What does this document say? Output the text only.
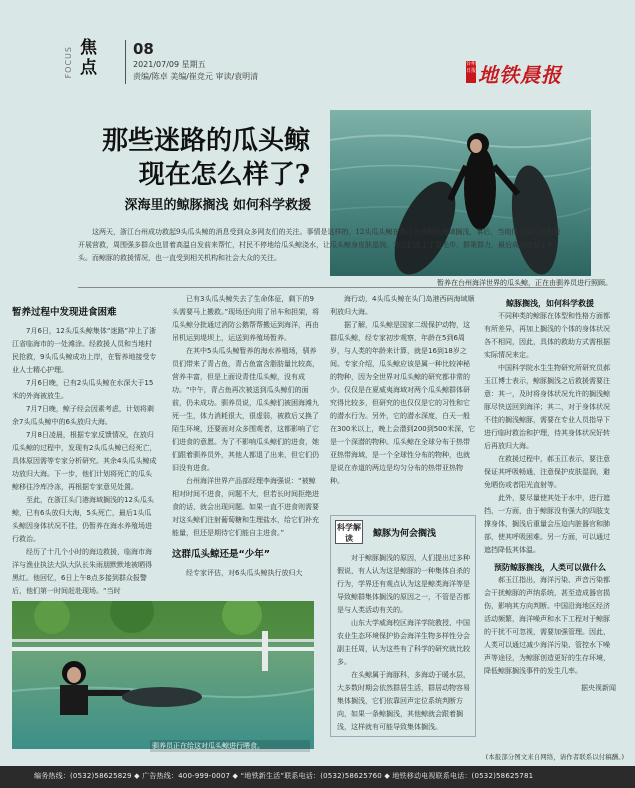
FOCUS 焦点
08
2021/07/09 星期五
责编/陈卓 美编/崔竞元 审读/袁明清
台州日报 地铁晨报
那些迷路的瓜头鲸
现在怎么样了?
深海里的鲸豚搁浅 如何科学救援
暂养在台州海洋世界的瓜头鲸，正在由驯养员进行照顾。

这两天，浙江台州成功救起9头瓜头鲸的消息受到众多网友们的关注。事情是这样的，12头瓜头鲸在浙江台州附近海域搁浅，事后，当地体多部门参积极开展营救，周围强多群众也冒着高温自发前来帮忙，村民不停地给瓜头鲸浇水，让瓜头鲸身皮肤湿润，为它们盖上了湿毛巾，群策群力，最后成功救起了9头。而鲸豚的救援情况，也一直受到相关机构和社会大众的关注。

暂养过程中发现进食困难

7月6日，12头瓜头鲸集体“迷路”冲上了浙江省临海市的一处滩涂。经救援人员和当地村民抢救，9头瓜头鲸成功上岸，在暂养地接受专业人士精心护理。

7月6日晚，已有2头瓜头鲸在水深大于15米的外海被放生。

7月7日晚，鲸子经会因素考虑，计划将剩余7头瓜头鲸中的6头放归大海。

7月8日凌晨，根据专家反馈情况，在放归瓜头鲸的过程中，发现有2头瓜头鲸已经死亡，具体原因需等专家分析研究。其余4头瓜头鲸成功放归大海。下一步，他们计划将死亡的瓜头鲸移往冷库冷冻，再根据专家意见处置。

至此，在浙江头门港海域搁浅的12头瓜头鲸，已有6头放归大海，5头死亡，最后1头瓜头鲸因身体状况不佳，仍暂养在海水养殖场进行救治。

经历了十几个小时的海边救援，临海市海洋与渔业执法大队大队长朱雨朋默默地被晒得黑红。他回忆，6日上午8点多接到群众报警后，他们第一时间赶赴现场。“当时

已有3头瓜头鲸失去了生命体征，剩下的9头需要马上搬救。”现场还向用了吊车和担架，将瓜头鲸分批通过消防公鹅帮帮搬运到海洋，再由吊机运到堤坝上，运送到养殖场暂养。

在其中5头瓜头鲸暂养的海水养殖场，驯养员们带来了青占鱼，青占鱼富含脂肪量比较高，营养丰富，但是上面设青佳瓜头鲸，没有成功。“中午，青占鱼再次被送到瓜头鲸们的面前，仍未成功。驯养员说，瓜头鲸们被困海滩九死一生，体力消耗很大，很虚弱，被救后又换了陌生环境，还要面对众多围观者，这都影响了它们进食的意愿。为了不影响瓜头鲸们的进食，她们跟着驯养员外，其他人都退了出来，但它们仍旧没有进食。

台州海洋世界产品部经理李海强说：“被鲸相对时间不进食，问题不大，但若长时间拒绝进食的话，就会出现问题。如果一直不进食则需要对这头鲸们注射葡萄糖和生理盐水，给它们补充能量，但还是期待它们能自主进食。”

这群瓜头鲸还是“少年”

经专家评估，对6头瓜头鲸执行放归大

海行动，4头瓜头鲸在头门岛港西码海域顺利放归大海。

据了解，瓜头鲸是国家二级保护动物，这群瓜头鲸，经专家初步观察，年龄在5到6周岁，与人类的年龄来计算，就是16到18岁之间。专家介绍，瓜头鲸应该是属一种比较神秘的物种，因为全世界对瓜头鲸的研究都非常的少。仅仅是在夏威夷海域对两个瓜头鲸群体研究得比较多，但研究的也仅仅是它的习性和它的潜水行为。另外，它的潜水深度，白天一般在300米以上，晚上会潜到200到500米深，它是一个深潜的物种。瓜头鲸在全球分布于热带亚热带海域，是一个全球性分布的物种，也就是说在赤道的两边是均匀分布的热带亚热物种。

科学解读	鲸豚为何会搁浅

对于鲸豚搁浅的原因，人们提出过多种假说，有人认为这是鲸豚的一种集体自杀的行为，学界还有观点认为这是鲸类海洋等是导致鲸群集体搁浅的原因之一，不管是否都是与人类活动有关的。

山东大学威海校区海洋学院教授、中国农业生态环境保护协会海洋生物多样性分会副主任周，认为这些有了科学的研究就比较多。

在头鲸属于海豚科，多海动于暖水层，大多数时期会依然群居生活，群居动物容易集体搁浅，它们依靠回声定位系统判断方向，如果一条鲸搁浅，其他鲸就会跟着搁浅，这样就有可能导致集体搁浅。

鲸豚搁浅，如何科学救援

不同种类的鲸豚在体型和性格方面都有所差异，再加上搁浅的个体的身体状况各不相同，因此，具体的救助方式需根据实际情况来定。

中国科学院水生生物研究所研究员郝玉江博士表示，鲸豚搁浅之后救援需要注意：其一，及时将身体状况允许的搁浅鲸豚尽快送回到海洋；其二，对于身体状况不佳的搁浅鲸豚，需要在专业人员指导下进行临时救治和护理，待其身体状况好转后再放归大海。

在救援过程中，郝玉江表示，要注意保证其呼吸畅通，注意保护皮肤湿润，避免晒伤或者阳光直射等。

此外，要尽量使其处于水中，进行遮挡，一方面，由于鲸豚没有强大的四肢支撑身体，搁浅后重量会压迫内脏器官和肺部，使其呼吸困难。另一方面，可以通过遮挡降低其体温。

预防鲸豚搁浅，人类可以做什么

郝玉江指出，海洋污染、声音污染都会干扰鲸豚的声纳系统，甚至造成器官损伤，影响其方向判断。中国沿海地区经济活动频繁，海洋噪声和水下工程对于鲸豚的干扰不可忽视，需要加强管理。因此，人类可以通过减少海洋污染、管控水下噪声等途径，为鲸豚创造更好的生存环境，降低鲸豚搁浅事件的发生几率。

据央视新闻

驯养员正在给这对瓜头鲸进行喂食。
(本报部分图文来自网络，请作者联系以付稿酬。)
编务热线：(0532)58625829 ◆ 广告热线：400-999-0007 ◆ “地铁新生活”联系电话：(0532)58625760 ◆ 地铁移动电视联系电话：(0532)58625781
